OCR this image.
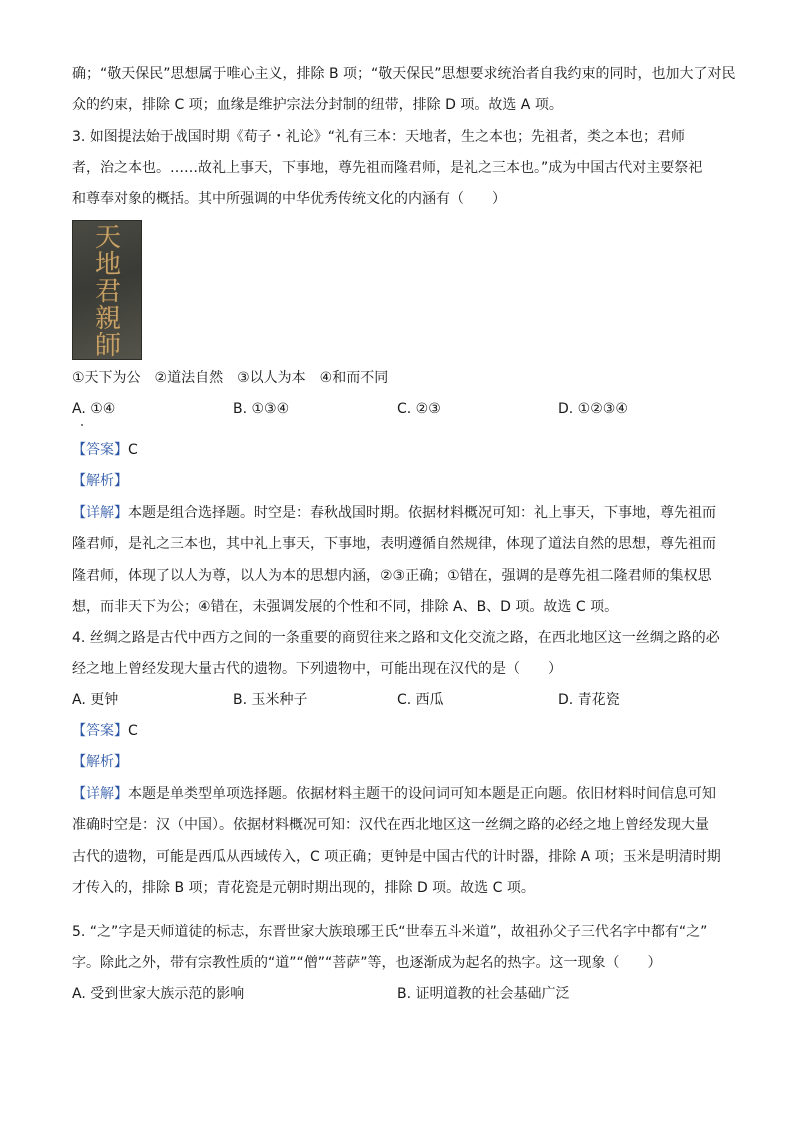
确；“敬天保民”思想属于唯心主义，排除 B 项；“敬天保民”思想要求统治者自我约束的同时，也加大了对民
众的约束，排除 C 项；血缘是维护宗法分封制的纽带，排除 D 项。故选 A 项。
3. 如图提法始于战国时期《荀子・礼论》“礼有三本：天地者，生之本也；先祖者，类之本也；君师
者，治之本也。……故礼上事天，下事地，尊先祖而隆君师，是礼之三本也。”成为中国古代对主要祭祀
和尊奉对象的概括。其中所强调的中华优秀传统文化的内涵有（　　）
天
地
君
親
師
①天下为公　②道法自然　③以人为本　④和而不同
A. ①④	B. ①③④	C. ②③	D. ①②③④
【答案】C
【解析】
【详解】本题是组合选择题。时空是：春秋战国时期。依据材料概况可知：礼上事天，下事地，尊先祖而
隆君师，是礼之三本也，其中礼上事天，下事地，表明遵循自然规律，体现了道法自然的思想，尊先祖而
隆君师，体现了以人为尊，以人为本的思想内涵，②③正确；①错在，强调的是尊先祖二隆君师的集权思
想，而非天下为公；④错在，未强调发展的个性和不同，排除 A、B、D 项。故选 C 项。
4. 丝绸之路是古代中西方之间的一条重要的商贸往来之路和文化交流之路，在西北地区这一丝绸之路的必
经之地上曾经发现大量古代的遗物。下列遗物中，可能出现在汉代的是（　　）
A. 更钟	B. 玉米种子	C. 西瓜	D. 青花瓷
【答案】C
【解析】
【详解】本题是单类型单项选择题。依据材料主题干的设问词可知本题是正向题。依旧材料时间信息可知
准确时空是：汉（中国）。依据材料概况可知：汉代在西北地区这一丝绸之路的必经之地上曾经发现大量
古代的遗物，可能是西瓜从西域传入，C 项正确；更钟是中国古代的计时器，排除 A 项；玉米是明清时期
才传入的，排除 B 项；青花瓷是元朝时期出现的，排除 D 项。故选 C 项。
5. “之”字是天师道徒的标志，东晋世家大族琅琊王氏“世奉五斗米道”，故祖孙父子三代名字中都有“之”
字。除此之外，带有宗教性质的“道”“僧”“菩萨”等，也逐渐成为起名的热字。这一现象（　　）
A. 受到世家大族示范的影响	B. 证明道教的社会基础广泛
